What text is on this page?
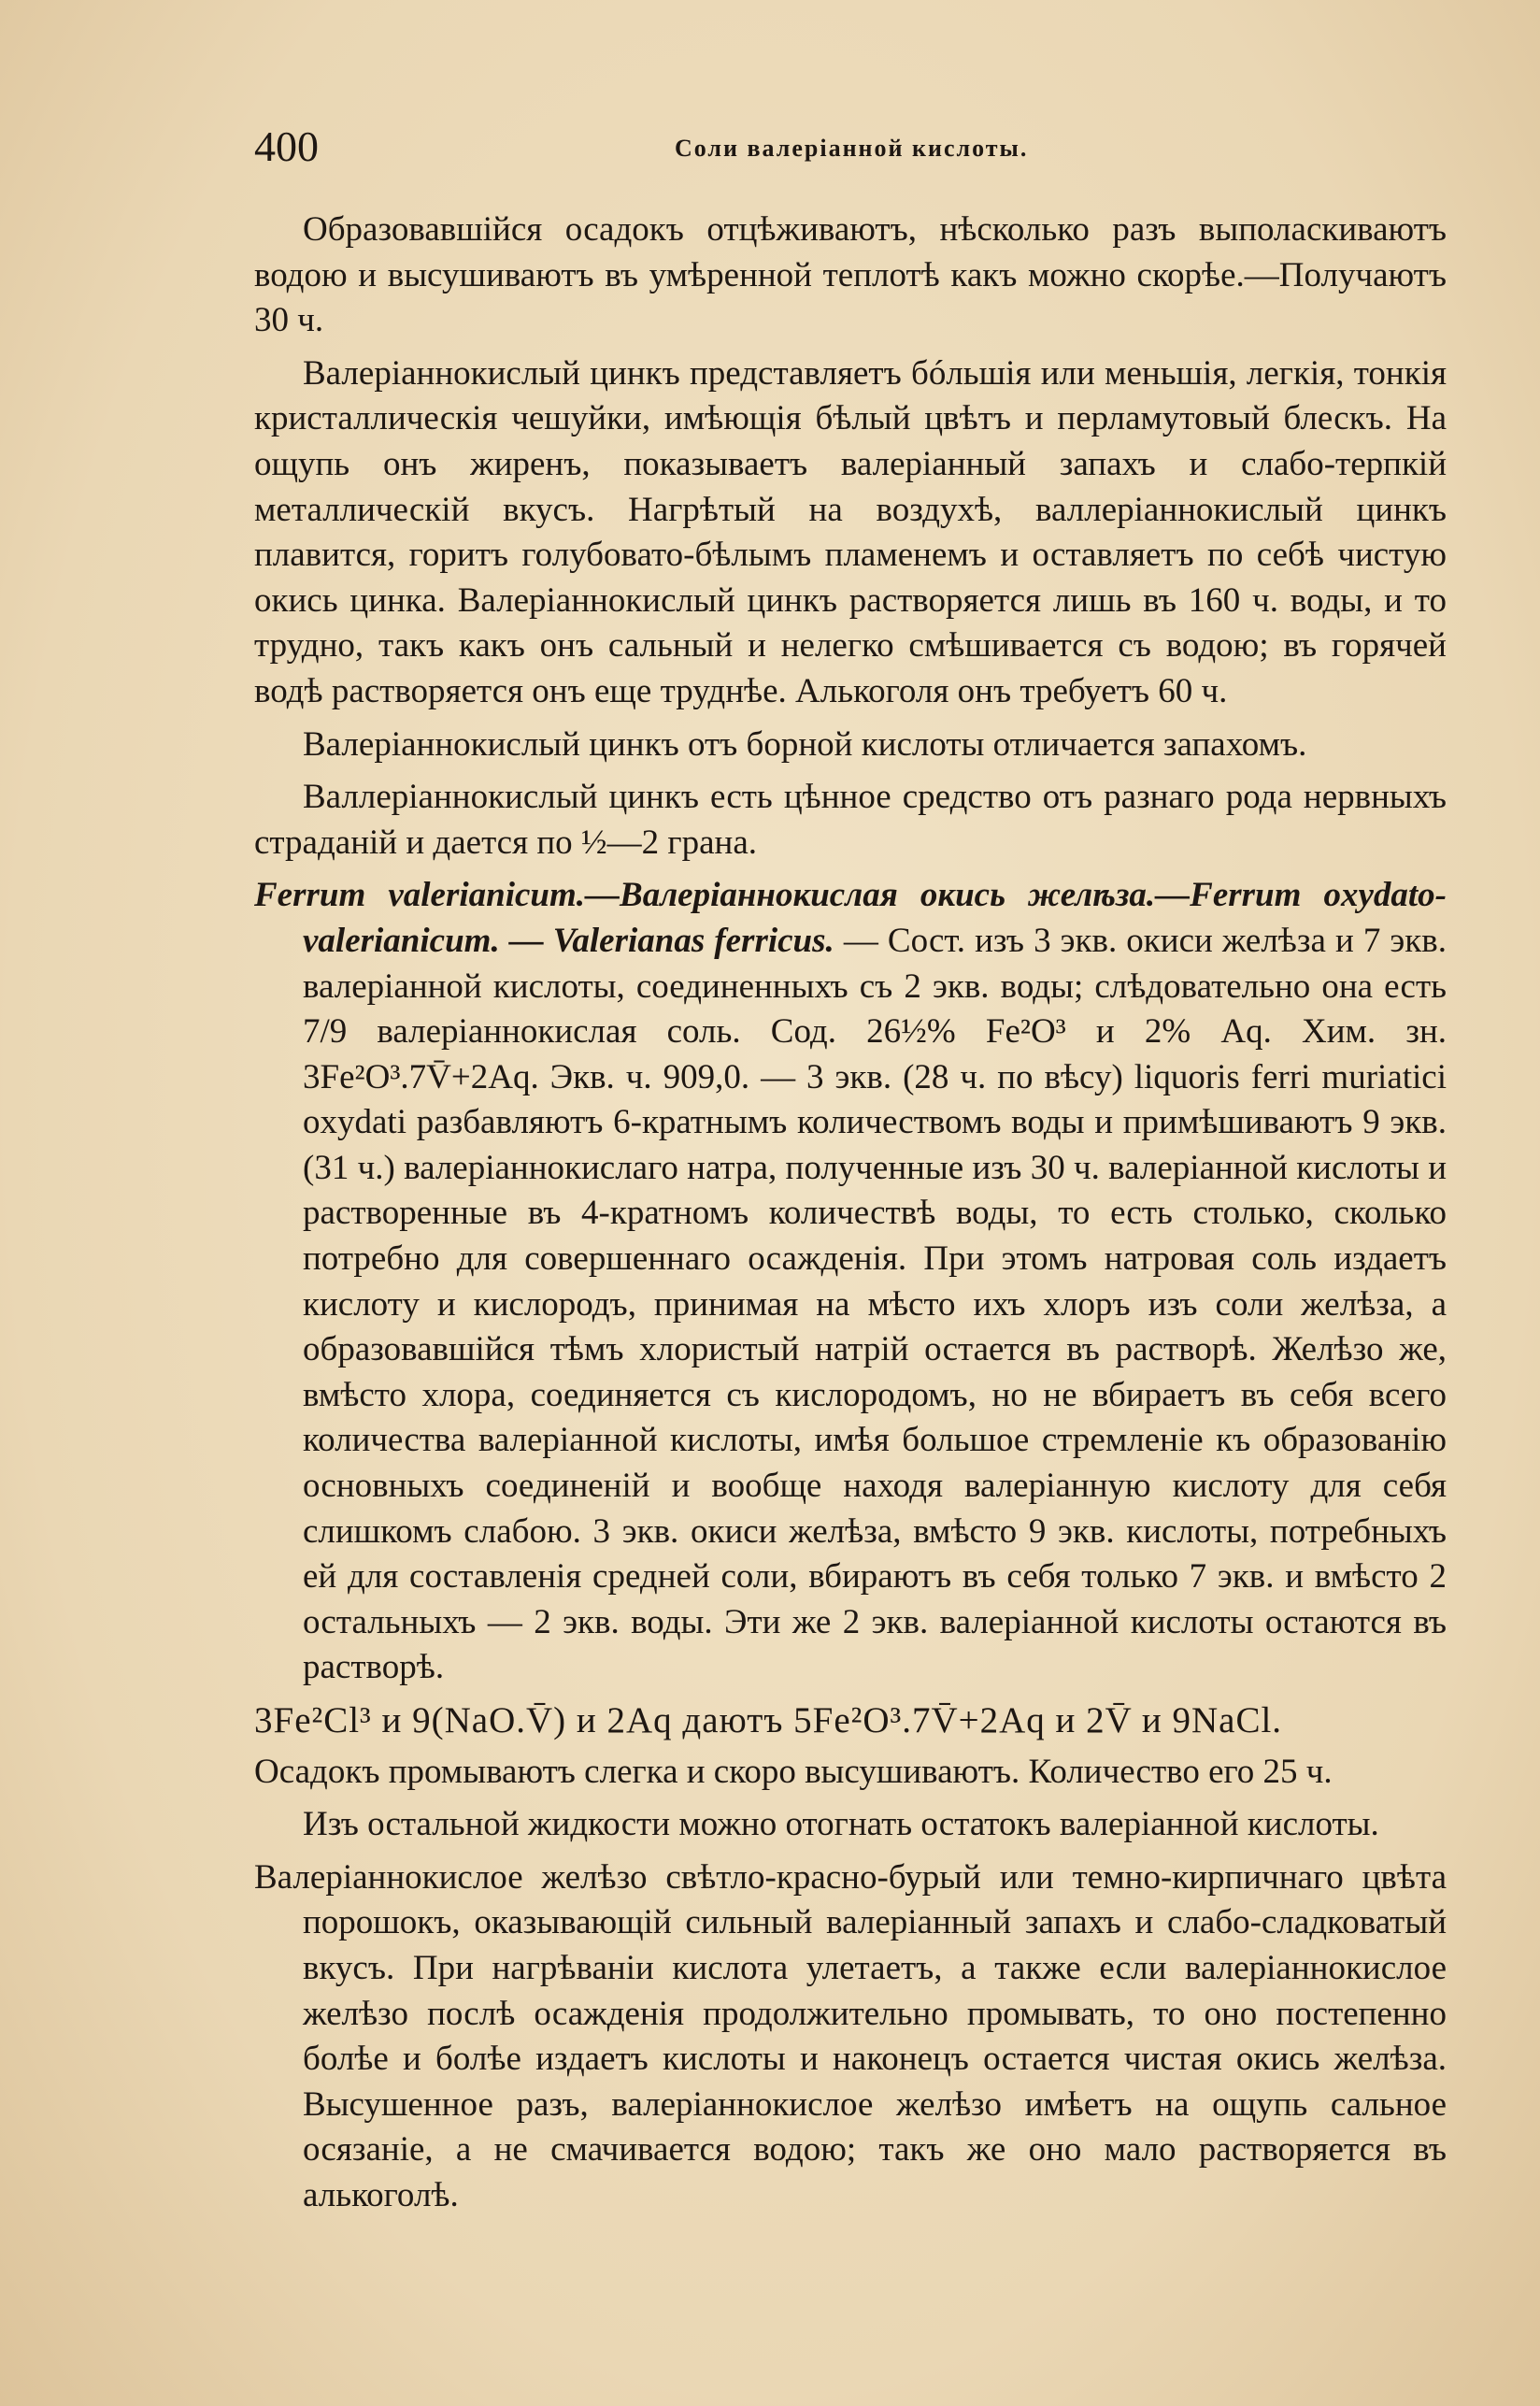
400	Соли валеріанной кислоты.

Образовавшійся осадокъ отцѣживаютъ, нѣсколько разъ выполаскиваютъ водою и высушиваютъ въ умѣренной теплотѣ какъ можно скорѣе.—Получаютъ 30 ч.

Валеріаннокислый цинкъ представляетъ бóльшія или меньшія, легкія, тонкія кристаллическія чешуйки, имѣющія бѣлый цвѣтъ и перламутовый блескъ. На ощупь онъ жиренъ, показываетъ валеріанный запахъ и слабо-терпкій металлическій вкусъ. Нагрѣтый на воздухѣ, валлеріаннокислый цинкъ плавится, горитъ голубовато-бѣлымъ пламенемъ и оставляетъ по себѣ чистую окись цинка. Валеріаннокислый цинкъ растворяется лишь въ 160 ч. воды, и то трудно, такъ какъ онъ сальный и нелегко смѣшивается съ водою; въ горячей водѣ растворяется онъ еще труднѣе. Алькоголя онъ требуетъ 60 ч.

Валеріаннокислый цинкъ отъ борной кислоты отличается запахомъ.

Валлеріаннокислый цинкъ есть цѣнное средство отъ разнаго рода нервныхъ страданій и дается по ½—2 грана.

Ferrum valerianicum.—Валеріаннокислая окись желѣза.—Ferrum oxydato-valerianicum. — Valerianas ferricus. — Сост. изъ 3 экв. окиси желѣза и 7 экв. валеріанной кислоты, соединенныхъ съ 2 экв. воды; слѣдовательно она есть 7/9 валеріаннокислая соль. Сод. 26½% Fe²O³ и 2% Aq. Хим. зн. 3Fe²O³.7V̄+2Aq. Экв. ч. 909,0. — 3 экв. (28 ч. по вѣсу) liquoris ferri muriatici oxydati разбавляютъ 6-кратнымъ количествомъ воды и примѣшиваютъ 9 экв. (31 ч.) валеріаннокислаго натра, полученные изъ 30 ч. валеріанной кислоты и растворенные въ 4-кратномъ количествѣ воды, то есть столько, сколько потребно для совершеннаго осажденія. При этомъ натровая соль издаетъ кислоту и кислородъ, принимая на мѣсто ихъ хлоръ изъ соли желѣза, а образовавшійся тѣмъ хлористый натрій остается въ растворѣ. Желѣзо же, вмѣсто хлора, соединяется съ кислородомъ, но не вбираетъ въ себя всего количества валеріанной кислоты, имѣя большое стремленіе къ образованію основныхъ соединеній и вообще находя валеріанную кислоту для себя слишкомъ слабою. 3 экв. окиси желѣза, вмѣсто 9 экв. кислоты, потребныхъ ей для составленія средней соли, вбираютъ въ себя только 7 экв. и вмѣсто 2 остальныхъ — 2 экв. воды. Эти же 2 экв. валеріанной кислоты остаются въ растворѣ.

3Fe²Cl³ и 9(NaO.V̄) и 2Aq даютъ 5Fe²O³.7V̄+2Aq и 2V̄ и 9NaCl.

Осадокъ промываютъ слегка и скоро высушиваютъ. Количество его 25 ч.

Изъ остальной жидкости можно отогнать остатокъ валеріанной кислоты.

Валеріаннокислое желѣзо свѣтло-красно-бурый или темно-кирпичнаго цвѣта порошокъ, оказывающій сильный валеріанный запахъ и слабо-сладковатый вкусъ. При нагрѣваніи кислота улетаетъ, а также если валеріаннокислое желѣзо послѣ осажденія продолжительно промывать, то оно постепенно болѣе и болѣе издаетъ кислоты и наконецъ остается чистая окись желѣза. Высушенное разъ, валеріаннокислое желѣзо имѣетъ на ощупь сальное осязаніе, а не смачивается водою; такъ же оно мало растворяется въ алькоголѣ.
